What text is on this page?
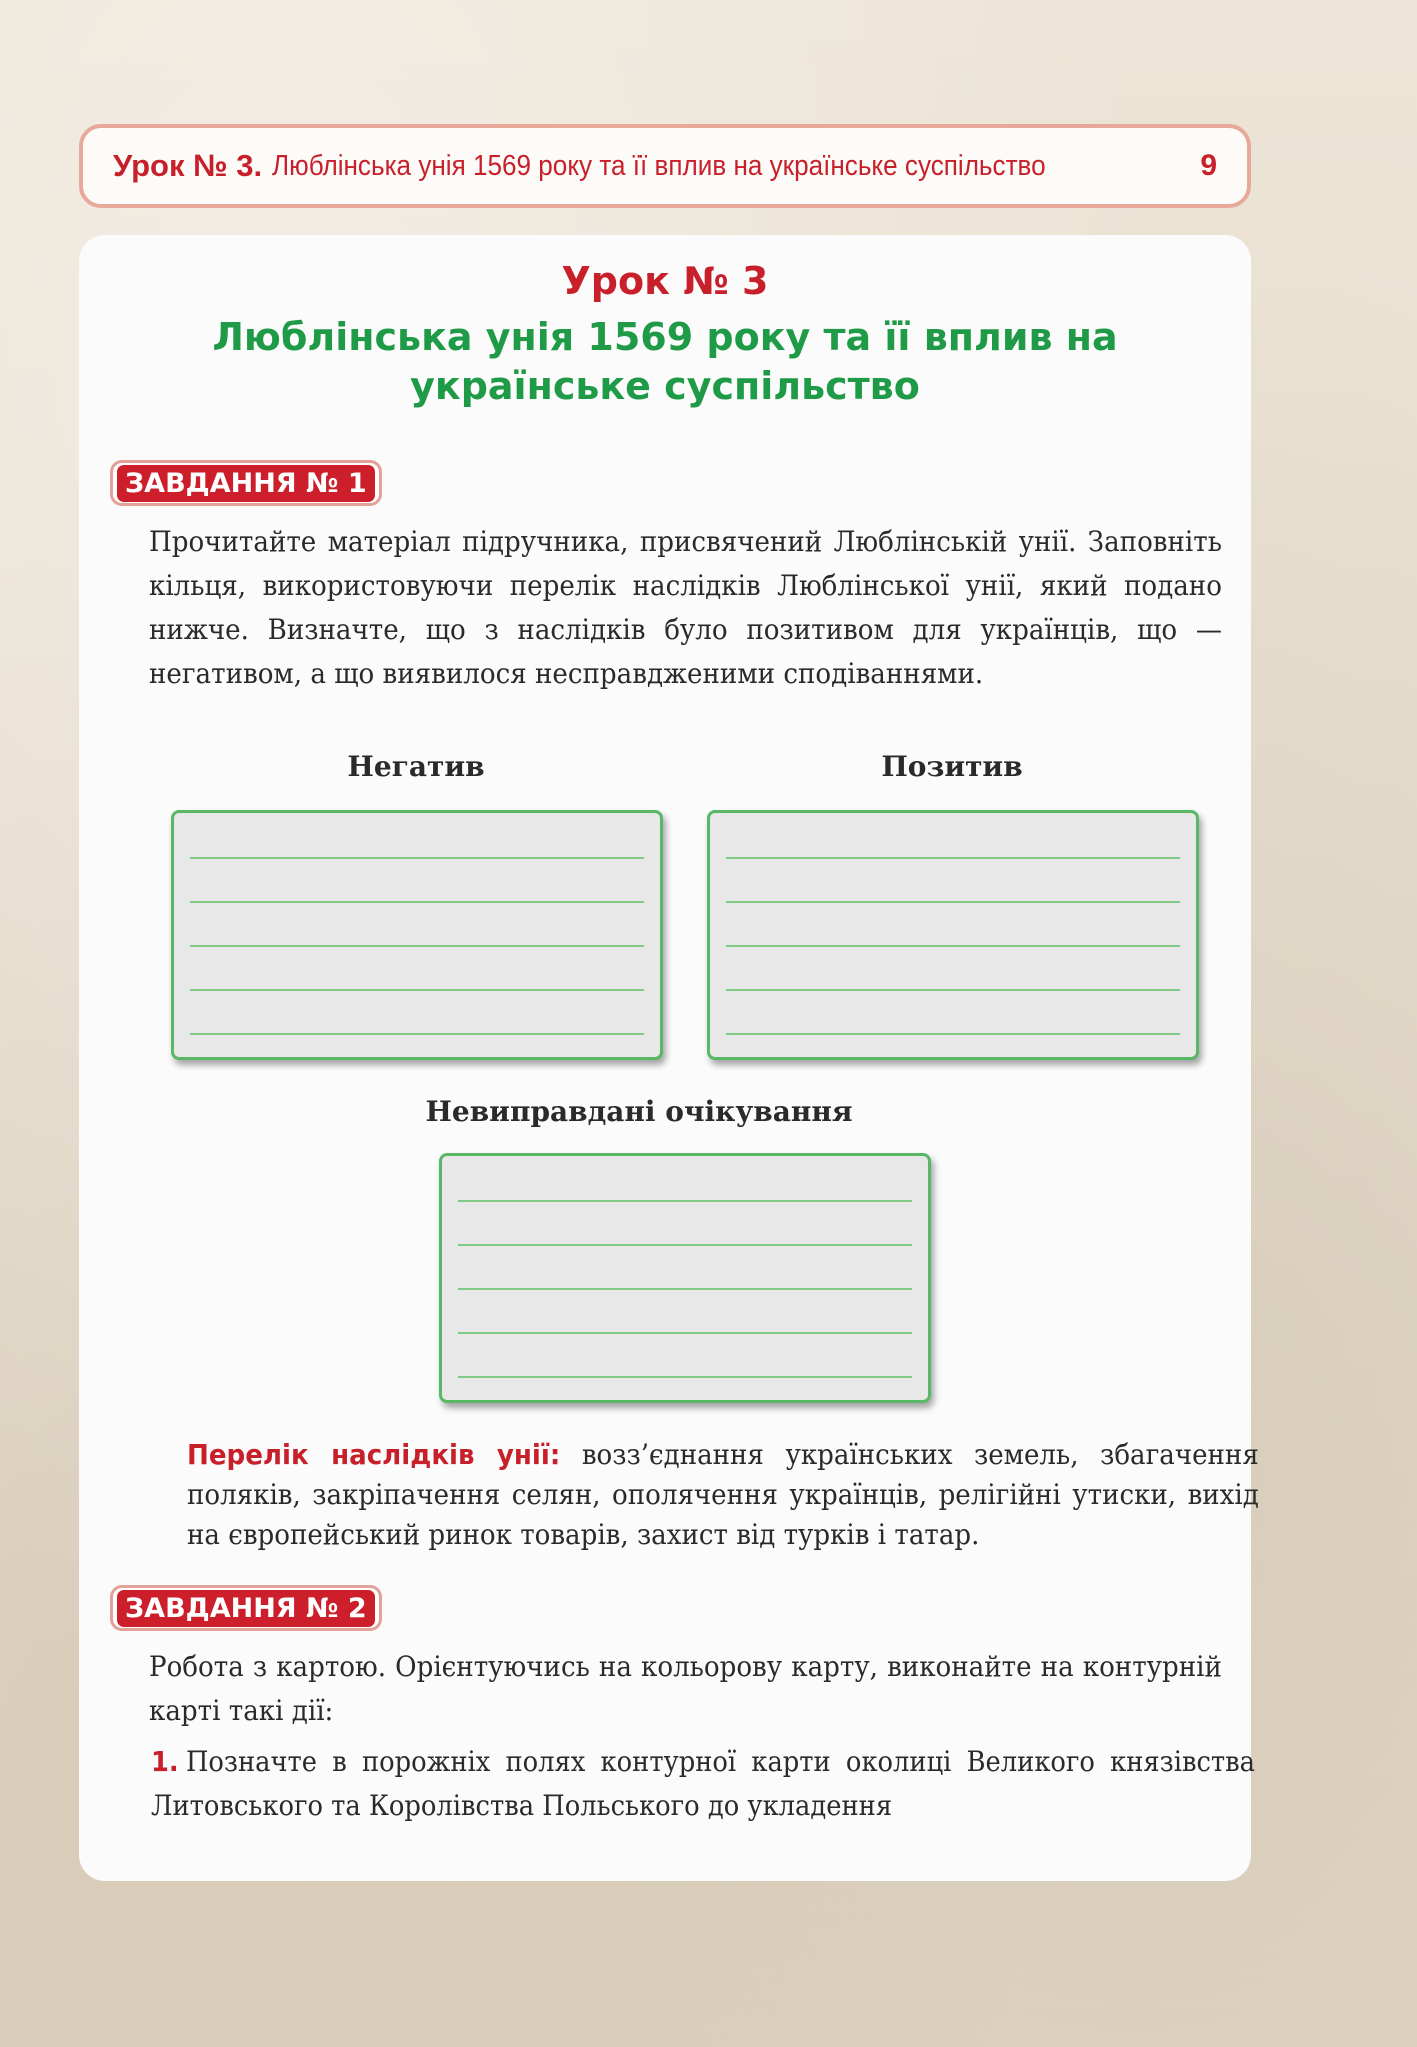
Урок № 3. Люблінська унія 1569 року та її вплив на українське суспільство	9
Урок № 3
Люблінська унія 1569 року та її вплив на українське суспільство
ЗАВДАННЯ № 1
Прочитайте матеріал підручника, присвячений Люблінській унії. Заповніть кільця, використовуючи перелік наслідків Люблінської унії, який подано нижче. Визначте, що з наслідків було позитивом для українців, що — негативом, а що виявилося несправдженими сподіваннями.
Негатив	Позитив
Невиправдані очікування
Перелік наслідків унії: возз’єднання українських земель, збагачення поляків, закріпачення селян, ополячення українців, релігійні утиски, вихід на європейський ринок товарів, захист від турків і татар.
ЗАВДАННЯ № 2
Робота з картою. Орієнтуючись на кольорову карту, виконайте на контурній карті такі дії:
1. Позначте в порожніх полях контурної карти околиці Великого князівства Литовського та Королівства Польського до укладення
